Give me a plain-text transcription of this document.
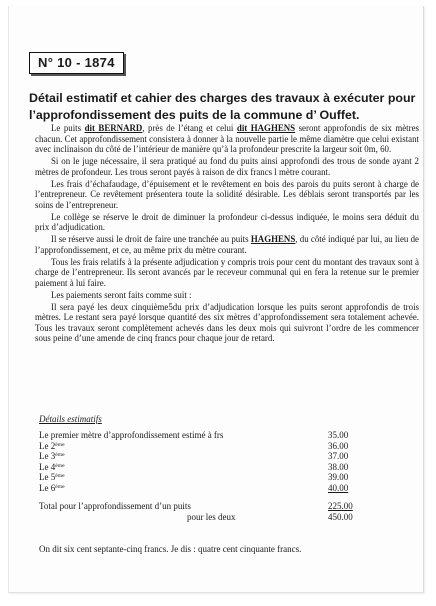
N° 10 - 1874
Détail estimatif et cahier des charges des travaux à exécuter pour l’approfondissement des puits de la commune d’ Ouffet.

Le puits dit BERNARD, près de l’étang et celui dit HAGHENS seront approfondis de six mètres chacun. Cet approfondissement consistera à donner à la nouvelle partie le même diamètre que celui existant avec inclinaison du côté de l’intérieur de manière qu’à la profondeur prescrite la largeur soit 0m, 60.

Si on le juge nécessaire, il sera pratiqué au fond du puits ainsi approfondi des trous de sonde ayant 2 mètres de profondeur. Les trous seront payés à raison de dix francs l mètre courant.

Les frais d’échafaudage, d’épuisement et le revêtement en bois des parois du puits seront à charge de l’entrepreneur. Ce revêtement présentera toute la solidité désirable. Les déblais seront transportés par les soins de l’entrepreneur.

Le collège se réserve le droit de diminuer la profondeur ci-dessus indiquée, le moins sera déduit du prix d’adjudication.

Il se réserve aussi le droit de faire une tranchée au puits HAGHENS, du côté indiqué par lui, au lieu de l’approfondissement, et ce, au même prix du mètre courant.

Tous les frais relatifs à la présente adjudication y compris trois pour cent du montant des travaux sont à charge de l’entrepreneur. Ils seront avancés par le receveur communal qui en fera la retenue sur le premier paiement à lui faire.

Les paiements seront faits comme suit :

Il sera payé les deux cinquième5du prix d’adjudication lorsque les puits seront approfondis de trois mètres. Le restant sera payé lorsque quantité des six mètres d’approfondissement sera totalement achevée. Tous les travaux seront complètement achevés dans les deux mois qui suivront l’ordre de les commencer sous peine d’une amende de cinq francs pour chaque jour de retard.

Détails estimatifs
Le premier mètre d’approfondissement estimé à frs	35.00
Le 2ème	36.00
Le 3ème	37.00
Le 4ème	38.00
Le 5ème	39.00
Le 6ème	40.00
Total pour l’approfondissement d’un puits	225.00
pour les deux	450.00
On dit six cent septante-cinq francs. Je dis : quatre cent cinquante francs.
